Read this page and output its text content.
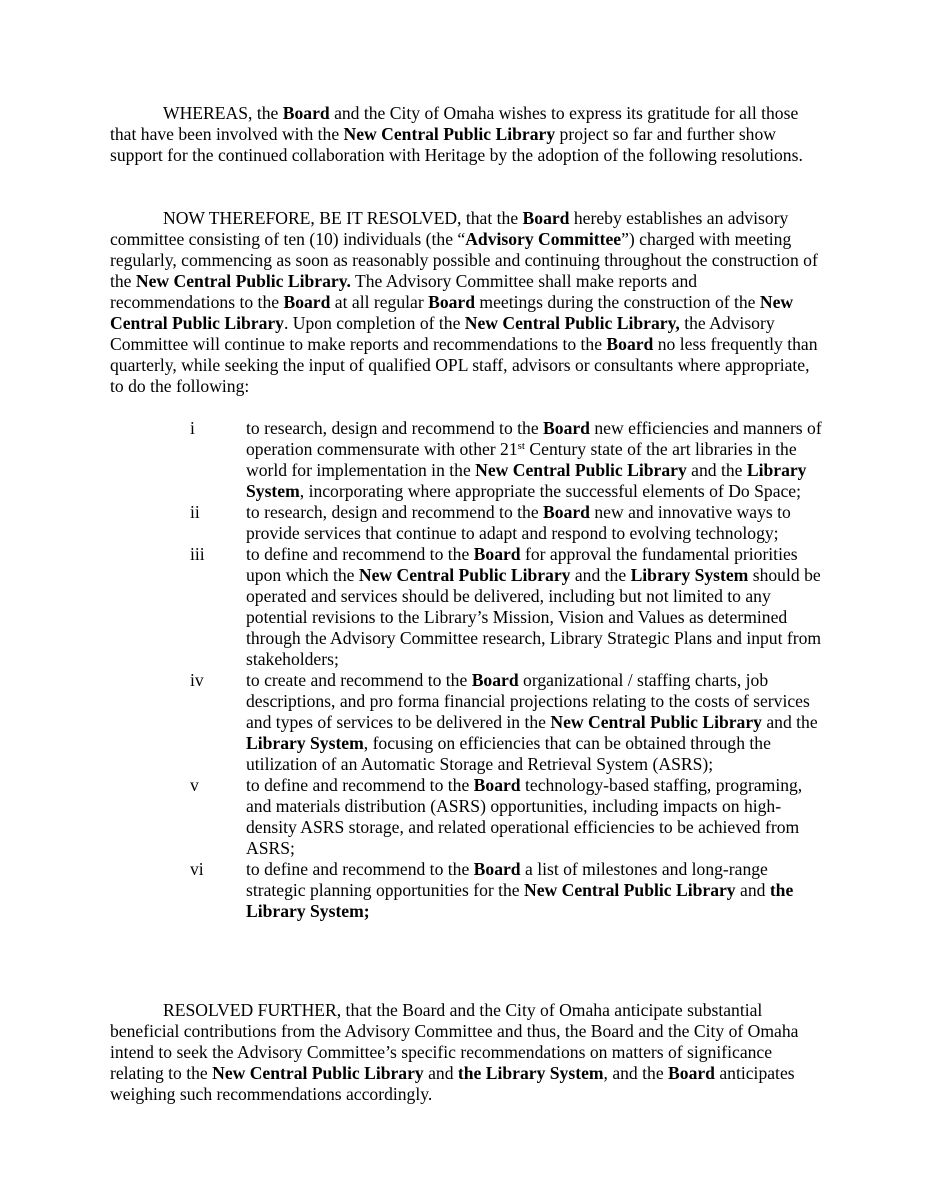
WHEREAS, the Board and the City of Omaha wishes to express its gratitude for all those that have been involved with the New Central Public Library project so far and further show support for the continued collaboration with Heritage by the adoption of the following resolutions.

NOW THEREFORE, BE IT RESOLVED, that the Board hereby establishes an advisory committee consisting of ten (10) individuals (the “Advisory Committee”) charged with meeting regularly, commencing as soon as reasonably possible and continuing throughout the construction of the New Central Public Library. The Advisory Committee shall make reports and recommendations to the Board at all regular Board meetings during the construction of the New Central Public Library. Upon completion of the New Central Public Library, the Advisory Committee will continue to make reports and recommendations to the Board no less frequently than quarterly, while seeking the input of qualified OPL staff, advisors or consultants where appropriate, to do the following:

i	to research, design and recommend to the Board new efficiencies and manners of operation commensurate with other 21st Century state of the art libraries in the world for implementation in the New Central Public Library and the Library System, incorporating where appropriate the successful elements of Do Space;
ii	to research, design and recommend to the Board new and innovative ways to provide services that continue to adapt and respond to evolving technology;
iii	to define and recommend to the Board for approval the fundamental priorities upon which the New Central Public Library and the Library System should be operated and services should be delivered, including but not limited to any potential revisions to the Library’s Mission, Vision and Values as determined through the Advisory Committee research, Library Strategic Plans and input from stakeholders;
iv	to create and recommend to the Board organizational / staffing charts, job descriptions, and pro forma financial projections relating to the costs of services and types of services to be delivered in the New Central Public Library and the Library System, focusing on efficiencies that can be obtained through the utilization of an Automatic Storage and Retrieval System (ASRS);
v	to define and recommend to the Board technology-based staffing, programing, and materials distribution (ASRS) opportunities, including impacts on high-density ASRS storage, and related operational efficiencies to be achieved from ASRS;
vi	to define and recommend to the Board a list of milestones and long-range strategic planning opportunities for the New Central Public Library and the Library System;

RESOLVED FURTHER, that the Board and the City of Omaha anticipate substantial beneficial contributions from the Advisory Committee and thus, the Board and the City of Omaha intend to seek the Advisory Committee’s specific recommendations on matters of significance relating to the New Central Public Library and the Library System, and the Board anticipates weighing such recommendations accordingly.
